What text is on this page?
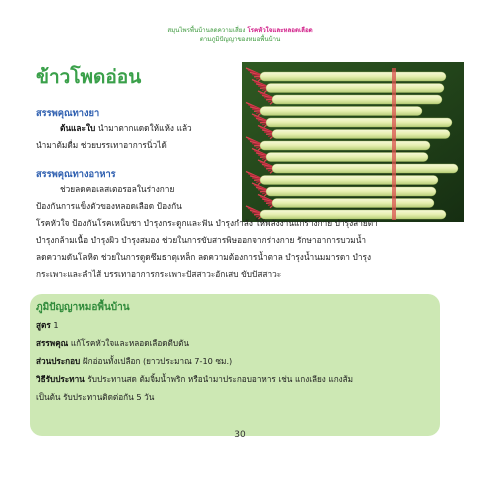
สมุนไพรพื้นบ้านลดความเสี่ยง โรคหัวใจและหลอดเลือด
ตามภูมิปัญญาของหมอพื้นบ้าน
ข้าวโพดอ่อน
สรรพคุณทางยา
ต้นและใบ นำมาตากแดดให้แห้ง แล้ว
นำมาต้มดื่ม ช่วยบรรเทาอาการนิ่วได้
สรรพคุณทางอาหาร
ช่วยลดคอเลสเตอรอลในร่างกาย
ป้องกันการแข็งตัวของหลอดเลือด ป้องกัน
โรคหัวใจ ป้องกันโรคเหน็บชา บำรุงกระดูกและฟัน บำรุงกำลัง ให้พลังงานแก่ร่างกาย บำรุงสายตา
บำรุงกล้ามเนื้อ บำรุงผิว บำรุงสมอง ช่วยในการขับสารพิษออกจากร่างกาย รักษาอาการบวมน้ำ
ลดความดันโลหิต ช่วยในการดูดซึมธาตุเหล็ก ลดความต้องการน้ำตาล บำรุงน้ำนมมารดา บำรุง
กระเพาะและลำไส้ บรรเทาอาการกระเพาะปัสสาวะอักเสบ ขับปัสสาวะ
ภูมิปัญญาหมอพื้นบ้าน
สูตร 1
สรรพคุณ แก้โรคหัวใจและหลอดเลือดตีบตัน
ส่วนประกอบ ฝักอ่อนทั้งเปลือก (ยาวประมาณ 7-10 ซม.)
วิธีรับประทาน รับประทานสด ต้มจิ้มน้ำพริก หรือนำมาประกอบอาหาร เช่น แกงเลียง แกงส้ม
เป็นต้น รับประทานติดต่อกัน 5 วัน
30
